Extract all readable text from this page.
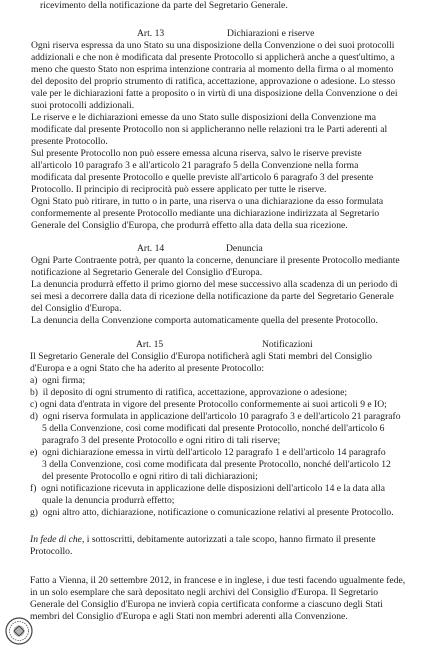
ricevimento della notificazione da parte del Segretario Generale.
Art. 13	Dichiarazioni e riserve
Ogni riserva espressa da uno Stato su una disposizione della Convenzione o dei suoi protocolli
addizionali e che non è modificata dal presente Protocollo si applicherà anche a quest'ultimo, a
meno che questo Stato non esprima intenzione contraria al momento della firma o al momento
del deposito del proprio strumento di ratifica, accettazione, approvazione o adesione. Lo stesso
vale per le dichiarazioni fatte a proposito o in virtù di una disposizione della Convenzione o dei
suoi protocolli addizionali.
Le riserve e le dichiarazioni emesse da uno Stato sulle disposizioni della Convenzione ma
modificate dal presente Protocollo non si applicheranno nelle relazioni tra le Parti aderenti al
presente Protocollo.
Sul presente Protocollo non può essere emessa alcuna riserva, salvo le riserve previste
all'articolo 10 paragrafo 3 e all'articolo 21 paragrafo 5 della Convenzione nella forma
modificata dal presente Protocollo e quelle previste all'articolo 6 paragrafo 3 del presente
Protocollo. Il principio di reciprocità può essere applicato per tutte le riserve.
Ogni Stato può ritirare, in tutto o in parte, una riserva o una dichiarazione da esso formulata
conformemente al presente Protocollo mediante una dichiarazione indirizzata al Segretario
Generale del Consiglio d'Europa, che produrrà effetto alla data della sua ricezione.
Art. 14	Denuncia
Ogni Parte Contraente potrà, per quanto la concerne, denunciare il presente Protocollo mediante
notificazione al Segretario Generale del Consiglio d'Europa.
La denuncia produrrà effetto il primo giorno del mese successivo alla scadenza di un periodo di
sei mesi a decorrere dalla data di ricezione della notificazione da parte del Segretario Generale
del Consiglio d'Europa.
La denuncia della Convenzione comporta automaticamente quella del presente Protocollo.
Art. 15	Notificazioni
Il Segretario Generale del Consiglio d'Europa notificherà agli Stati membri del Consiglio
d'Europa e a ogni Stato che ha aderito al presente Protocollo:
a)  ogni firma;
b)  il deposito di ogni strumento di ratifica, accettazione, approvazione o adesione;
c) ogni data d'entrata in vigore del presente Protocollo conformemente ai suoi articoli 9 e IO;
d)  ogni riserva formulata in applicazione dell'articolo 10 paragrafo 3 e dell'articolo 21 paragrafo
5 della Convenzione, così come modificati dal presente Protocollo, nonché dell'articolo 6
paragrafo 3 del presente Protocollo e ogni ritiro di tali riserve;
e)  ogni dichiarazione emessa in virtù dell'articolo 12 paragrafo 1 e dell'articolo 14 paragrafo
3 della Convenzione, così come modificata dal presente Protocollo, nonché dell'articolo 12
del presente Protocollo e ogni ritiro di tali dichiarazioni;
f)  ogni notificazione ricevuta in applicazione delle disposizioni dell'articolo 14 e la data alla
quale la denuncia produrrà effetto;
g)  ogni altro atto, dichiarazione, notificazione o comunicazione relativi al presente Protocollo.
In fede di che, i sottoscritti, debitamente autorizzati a tale scopo, hanno firmato il presente
Protocollo.
Fatto a Vienna, il 20 settembre 2012, in francese e in inglese, i due testi facendo ugualmente fede,
in un solo esemplare che sarà depositato negli archivi del Consiglio d'Europa. Il Segretario
Generale del Consiglio d'Europa ne invierà copia certificata conforme a ciascuno degli Stati
membri del Consiglio d'Europa e agli Stati non membri aderenti alla Convenzione.
